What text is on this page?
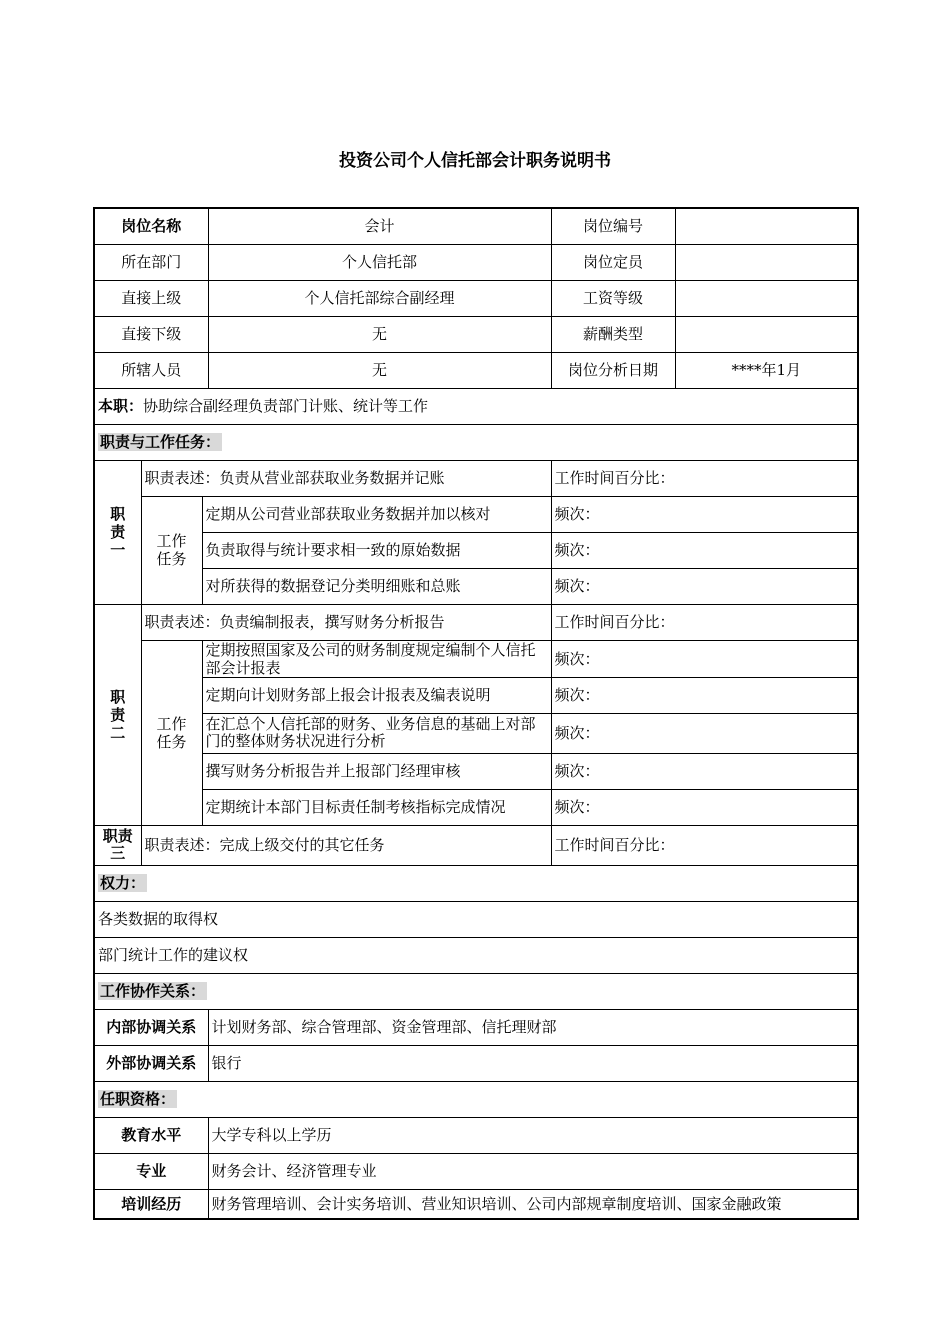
投资公司个人信托部会计职务说明书
岗位名称			会计	岗位编号	
所在部门			个人信托部	岗位定员	
直接上级			个人信托部综合副经理	工资等级	
直接下级			无	薪酬类型	
所辖人员			无	岗位分析日期	****年1月
本职：协助综合副经理负责部门计账、统计等工作					
职责与工作任务：					
职责一	职责表述：负责从营业部获取业务数据并记账			工作时间百分比：	
	工作任务	定期从公司营业部获取业务数据并加以核对		频次：	
		负责取得与统计要求相一致的原始数据		频次：	
		对所获得的数据登记分类明细账和总账		频次：	
职责二	职责表述：负责编制报表，撰写财务分析报告			工作时间百分比：	
	工作任务	定期按照国家及公司的财务制度规定编制个人信托部会计报表		频次：	
		定期向计划财务部上报会计报表及编表说明		频次：	
		在汇总个人信托部的财务、业务信息的基础上对部门的整体财务状况进行分析		频次：	
		撰写财务分析报告并上报部门经理审核		频次：	
		定期统计本部门目标责任制考核指标完成情况		频次：	
职责三	职责表述：完成上级交付的其它任务			工作时间百分比：	
权力：					
各类数据的取得权					
部门统计工作的建议权					
工作协作关系：					
内部协调关系			计划财务部、综合管理部、资金管理部、信托理财部		
外部协调关系			银行		
任职资格：					
教育水平			大学专科以上学历		
专业			财务会计、经济管理专业		
培训经历			财务管理培训、会计实务培训、营业知识培训、公司内部规章制度培训、国家金融政策		
